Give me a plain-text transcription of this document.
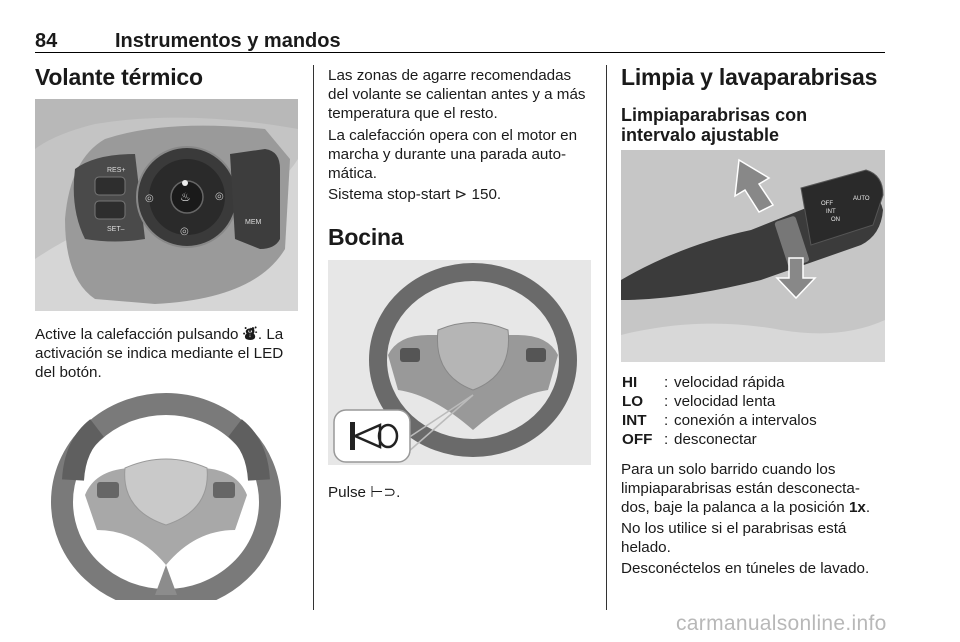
84	Instrumentos y mandos
Volante térmico
RES+
SET–
♨
◎	◎
◎
MEM

Active la calefacción pulsando ⛇. La activación se indica mediante el LED del botón.

Las zonas de agarre recomendadas del volante se calientan antes y a más temperatura que el resto.

La calefacción opera con el motor en marcha y durante una parada auto-mática.

Sistema stop-start ⊳ 150.

Bocina

Pulse ⊢⊃.

Limpia y lavaparabrisas
Limpiaparabrisas con intervalo ajustable
OFF
INT
ON
AUTO
HI : velocidad rápida
LO : velocidad lenta
INT : conexión a intervalos
OFF : desconectar

Para un solo barrido cuando los limpiaparabrisas están desconecta-dos, baje la palanca a la posición 1x.

No los utilice si el parabrisas está helado.

Desconéctelos en túneles de lavado.

carmanualsonline.info
